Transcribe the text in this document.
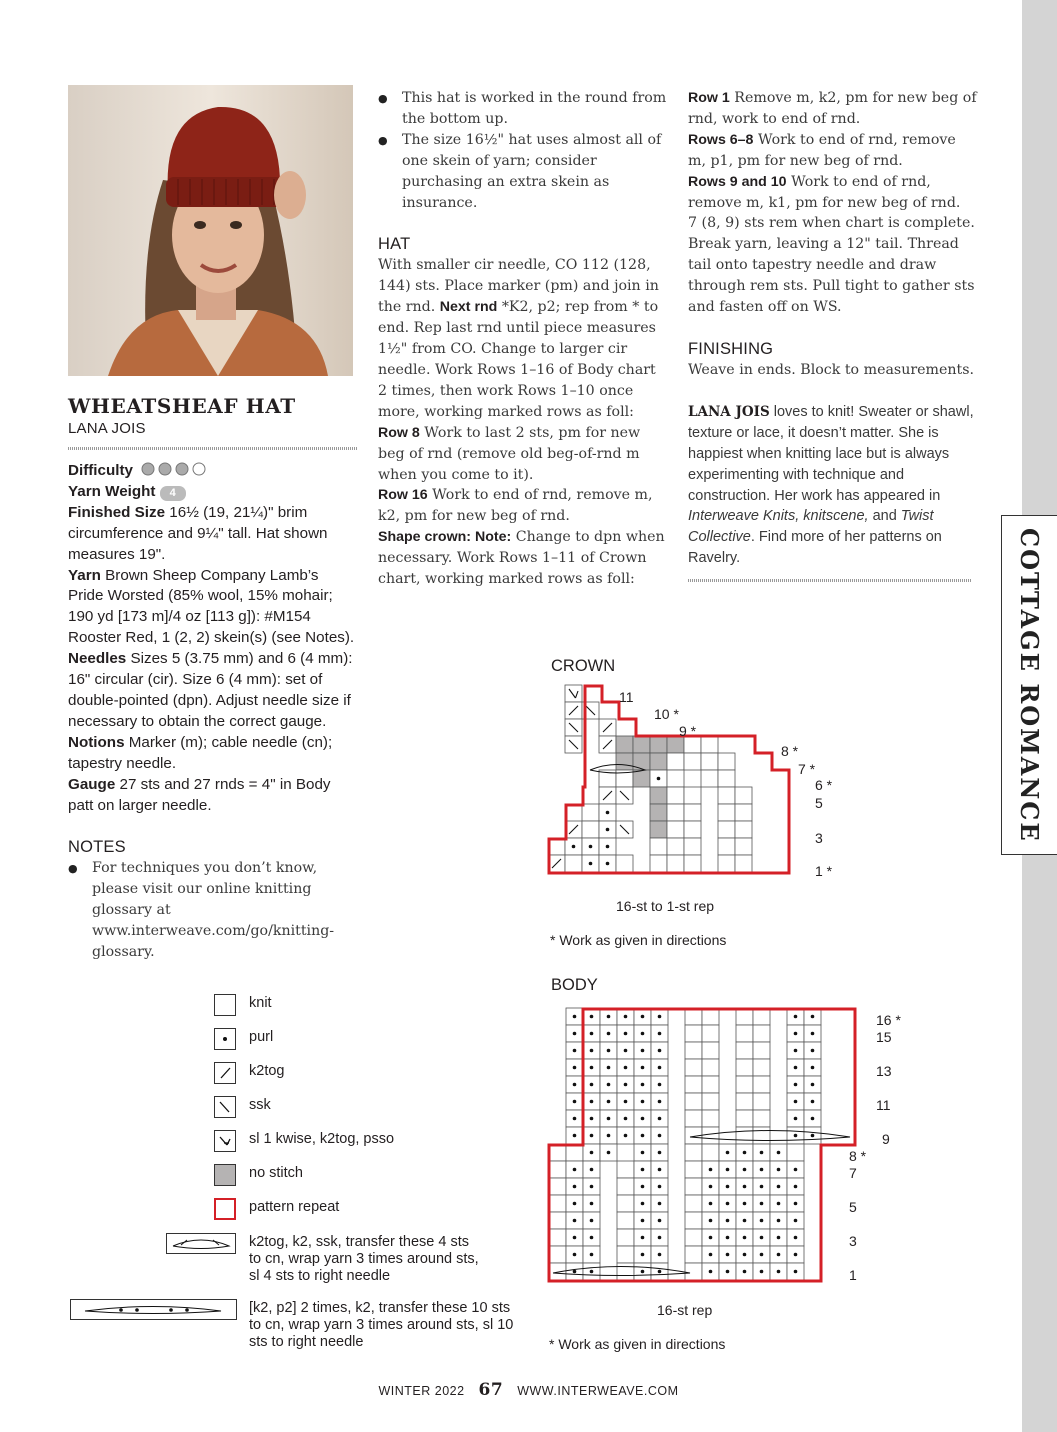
COTTAGE ROMANCE
WHEATSHEAF HAT
LANA JOIS

Difficulty

Yarn Weight 4

Finished Size 16½ (19, 21¼)" brim circumference and 9¼" tall. Hat shown measures 19".

Yarn Brown Sheep Company Lamb’s Pride Worsted (85% wool, 15% mohair; 190 yd [173 m]/4 oz [113 g]): #M154 Rooster Red, 1 (2, 2) skein(s) (see Notes).

Needles Sizes 5 (3.75 mm) and 6 (4 mm): 16" circular (cir). Size 6 (4 mm): set of double-pointed (dpn). Adjust needle size if necessary to obtain the correct gauge.

Notions Marker (m); cable needle (cn); tapestry needle.

Gauge 27 sts and 27 rnds = 4" in Body patt on larger needle.

NOTES
● For techniques you don’t know, please visit our online knitting glossary at www.interweave.com/go/knitting-glossary.
● This hat is worked in the round from the bottom up.
● The size 16½" hat uses almost all of one skein of yarn; consider purchasing an extra skein as insurance.
HAT

With smaller cir needle, CO 112 (128, 144) sts. Place marker (pm) and join in the rnd. Next rnd *K2, p2; rep from * to end. Rep last rnd until piece measures 1½" from CO. Change to larger cir needle. Work Rows 1–16 of Body chart 2 times, then work Rows 1–10 once more, working marked rows as foll:

Row 8 Work to last 2 sts, pm for new beg of rnd (remove old beg-of-rnd m when you come to it).

Row 16 Work to end of rnd, remove m, k2, pm for new beg of rnd.

Shape crown: Note: Change to dpn when necessary. Work Rows 1–11 of Crown chart, working marked rows as foll:

Row 1 Remove m, k2, pm for new beg of rnd, work to end of rnd.

Rows 6–8 Work to end of rnd, remove m, p1, pm for new beg of rnd.

Rows 9 and 10 Work to end of rnd, remove m, k1, pm for new beg of rnd.

7 (8, 9) sts rem when chart is complete. Break yarn, leaving a 12" tail. Thread tail onto tapestry needle and draw through rem sts. Pull tight to gather sts and fasten off on WS.

FINISHING

Weave in ends. Block to measurements.

LANA JOIS loves to knit! Sweater or shawl, texture or lace, it doesn’t matter. She is happiest when knitting lace but is always experimenting with technique and construction. Her work has appeared in Interweave Knits, knitscene, and Twist Collective. Find more of her patterns on Ravelry.

CROWN
11
10 *
9 *
8 *
7 *
6 *
5
3
1 *
16-st to 1-st rep
* Work as given in directions
BODY
16 *
15
13
11
9
8 *
7
5
3
1
16-st rep
* Work as given in directions
knit
purl
k2tog
ssk
sl 1 kwise, k2tog, psso
no stitch
pattern repeat
k2tog, k2, ssk, transfer these 4 sts to cn, wrap yarn 3 times around sts, sl 4 sts to right needle
[k2, p2] 2 times, k2, transfer these 10 sts to cn, wrap yarn 3 times around sts, sl 10 sts to right needle
WINTER 2022 67 WWW.INTERWEAVE.COM
